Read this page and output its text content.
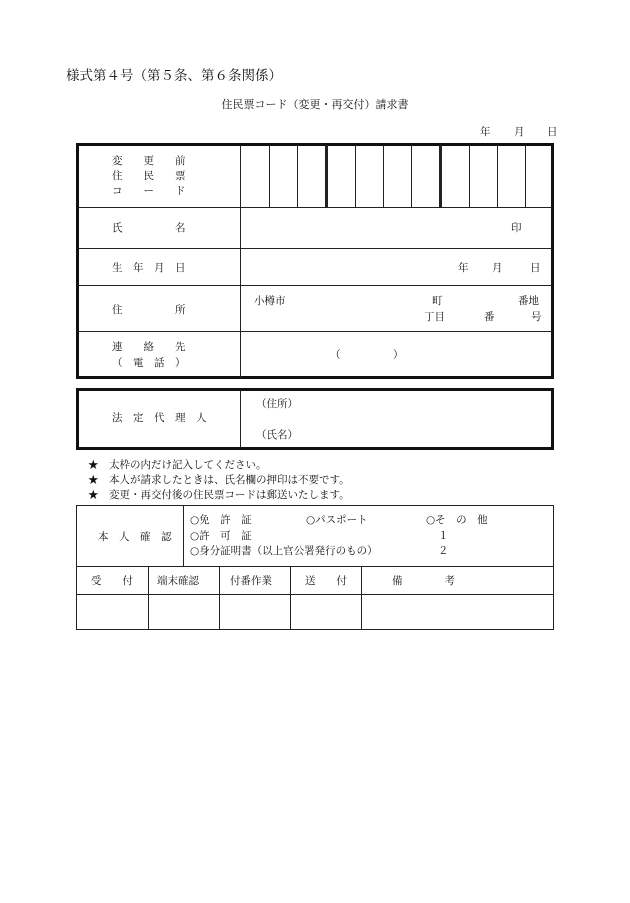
様式第４号（第５条、第６条関係）
住民票コード（変更・再交付）請求書
年 月 日
変　　更　　前
住　　民　　票
コ　　ー　　ド
氏　　　　　名	印
生　年　月　日	年 月	日
住　　　　　所
小樽市	町	番地
丁目	番	号
連　　絡　　先
（　電　話　）
（　　　　　）
法　定　代　理　人
（住所）
（氏名）
★　太枠の内だけ記入してください。
★　本人が請求したときは、氏名欄の押印は不要です。
★　変更・再交付後の住民票コードは郵送いたします。
本　人　確　認
○免　許　証	○パスポート	○そ　の　他
○許　可　証	１
○身分証明書（以上官公署発行のもの）	２
受　　付 端末確認	付番作業	送　　付	備　　　　考
